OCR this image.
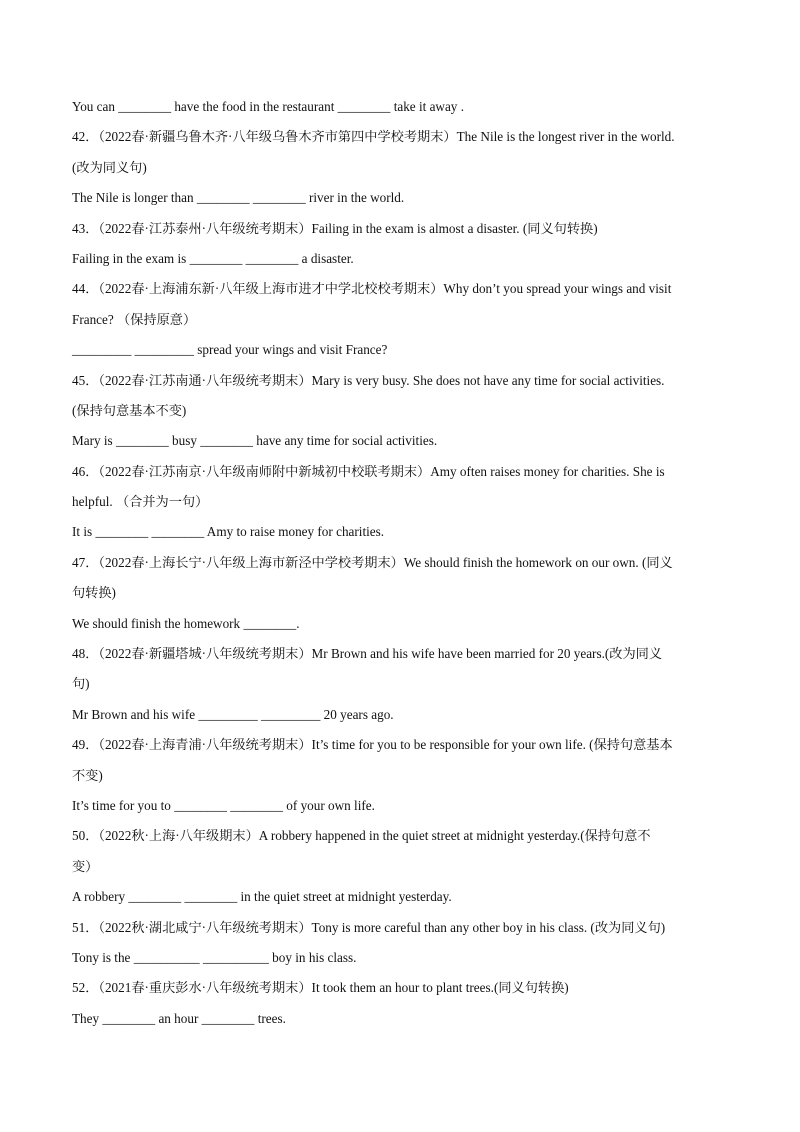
You can ________ have the food in the restaurant ________ take it away .
42．（2022春·新疆乌鲁木齐·八年级乌鲁木齐市第四中学校考期末）The Nile is the longest river in the world.
(改为同义句)
The Nile is longer than ________ ________ river in the world.
43．（2022春·江苏泰州·八年级统考期末）Failing in the exam is almost a disaster. (同义句转换)
Failing in the exam is ________ ________ a disaster.
44．（2022春·上海浦东新·八年级上海市进才中学北校校考期末）Why don’t you spread your wings and visit
France? （保持原意）
_________ _________ spread your wings and visit France?
45．（2022春·江苏南通·八年级统考期末）Mary is very busy. She does not have any time for social activities.
(保持句意基本不变)
Mary is ________ busy ________ have any time for social activities.
46．（2022春·江苏南京·八年级南师附中新城初中校联考期末）Amy often raises money for charities. She is
helpful. （合并为一句）
It is ________ ________ Amy to raise money for charities.
47．（2022春·上海长宁·八年级上海市新泾中学校考期末）We should finish the homework on our own. (同义
句转换)
We should finish the homework ________.
48．（2022春·新疆塔城·八年级统考期末）Mr Brown and his wife have been married for 20 years.(改为同义
句)
Mr Brown and his wife _________ _________ 20 years ago.
49．（2022春·上海青浦·八年级统考期末）It’s time for you to be responsible for your own life. (保持句意基本
不变)
It’s time for you to ________ ________ of your own life.
50．（2022秋·上海·八年级期末）A robbery happened in the quiet street at midnight yesterday.(保持句意不
变）
A robbery ________ ________ in the quiet street at midnight yesterday.
51．（2022秋·湖北咸宁·八年级统考期末）Tony is more careful than any other boy in his class. (改为同义句)
Tony is the __________ __________ boy in his class.
52．（2021春·重庆彭水·八年级统考期末）It took them an hour to plant trees.(同义句转换)
They ________ an hour ________ trees.
